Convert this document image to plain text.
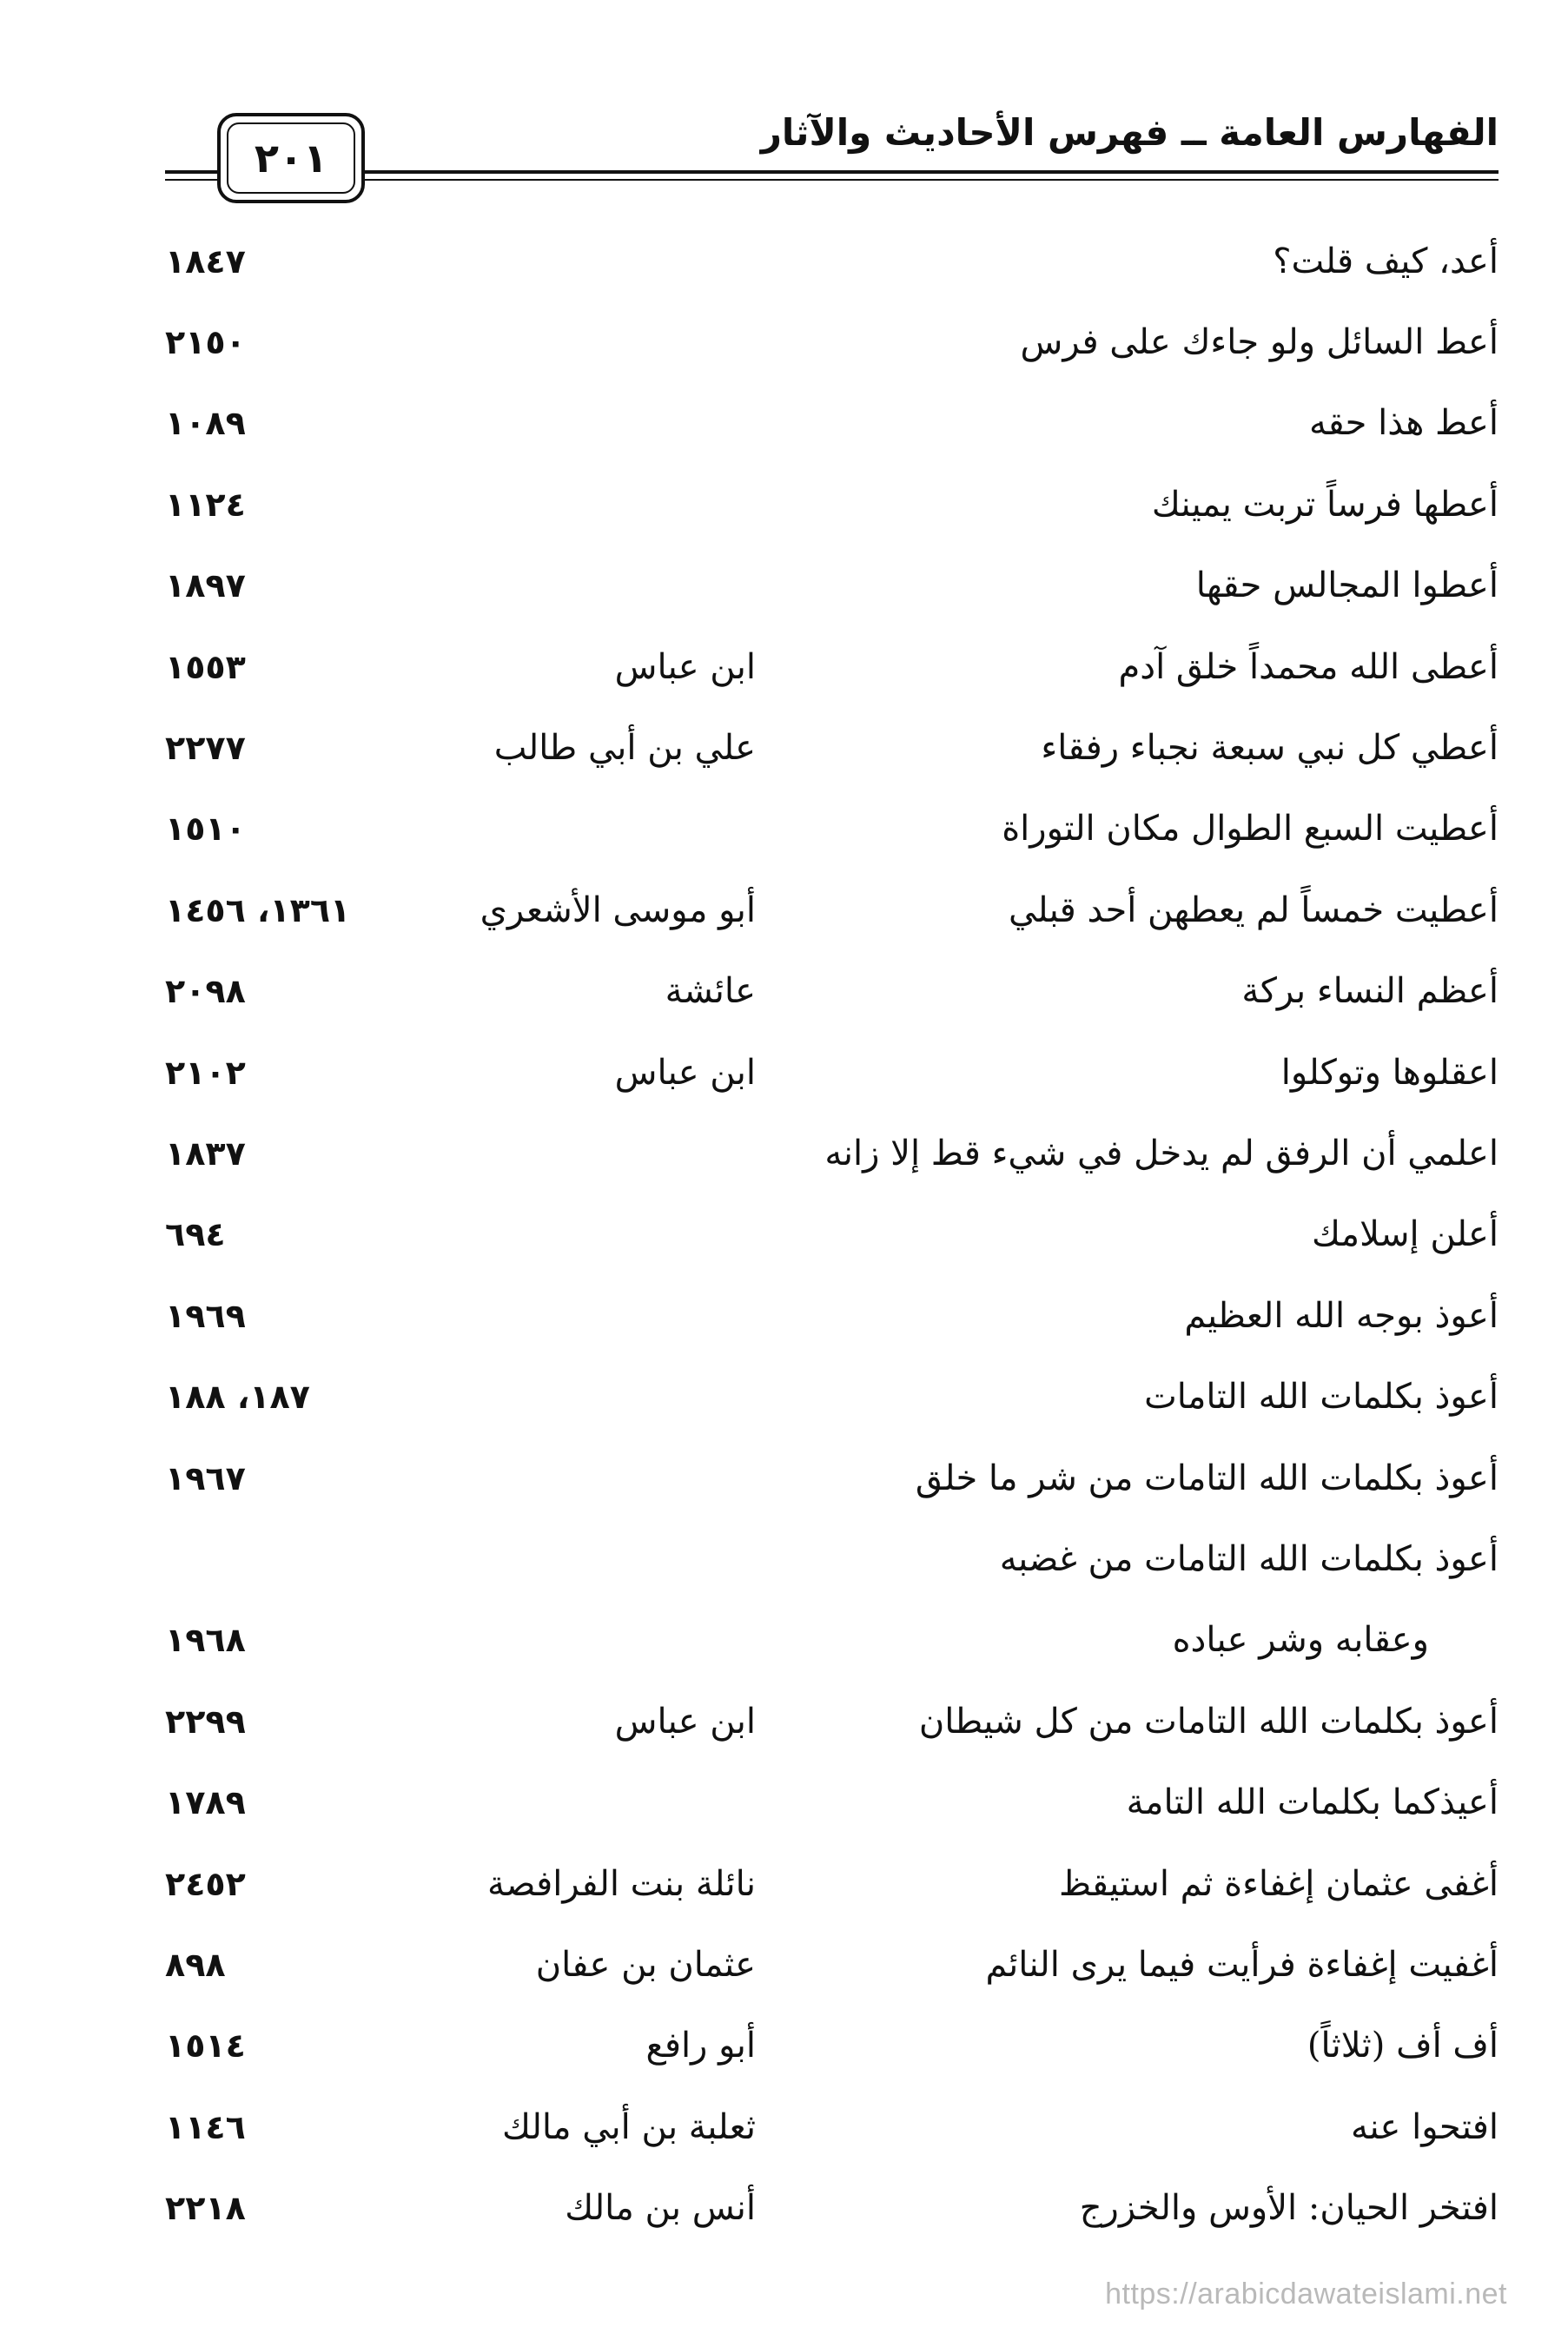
الفهارس العامة ــ فهرس الأحاديث والآثار
٢٠١
أعد، كيف قلت؟
١٨٤٧
أعط السائل ولو جاءك على فرس
٢١٥٠
أعط هذا حقه
١٠٨٩
أعطها فرساً تربت يمينك
١١٢٤
أعطوا المجالس حقها
١٨٩٧
أعطى الله محمداً خلق آدم
ابن عباس
١٥٥٣
أعطي كل نبي سبعة نجباء رفقاء
علي بن أبي طالب
٢٢٧٧
أعطيت السبع الطوال مكان التوراة
١٥١٠
أعطيت خمساً لم يعطهن أحد قبلي
أبو موسى الأشعري
١٣٦١، ١٤٥٦
أعظم النساء بركة
عائشة
٢٠٩٨
اعقلوها وتوكلوا
ابن عباس
٢١٠٢
اعلمي أن الرفق لم يدخل في شيء قط إلا زانه
١٨٣٧
أعلن إسلامك
٦٩٤
أعوذ بوجه الله العظيم
١٩٦٩
أعوذ بكلمات الله التامات
١٨٧، ١٨٨
أعوذ بكلمات الله التامات من شر ما خلق
١٩٦٧
أعوذ بكلمات الله التامات من غضبه
وعقابه وشر عباده
١٩٦٨
أعوذ بكلمات الله التامات من كل شيطان
ابن عباس
٢٢٩٩
أعيذكما بكلمات الله التامة
١٧٨٩
أغفى عثمان إغفاءة ثم استيقظ
نائلة بنت الفرافصة
٢٤٥٢
أغفيت إغفاءة فرأيت فيما يرى النائم
عثمان بن عفان
٨٩٨
أف أف (ثلاثاً)
أبو رافع
١٥١٤
افتحوا عنه
ثعلبة بن أبي مالك
١١٤٦
افتخر الحيان: الأوس والخزرج
أنس بن مالك
٢٢١٨
https://arabicdawateislami.net
